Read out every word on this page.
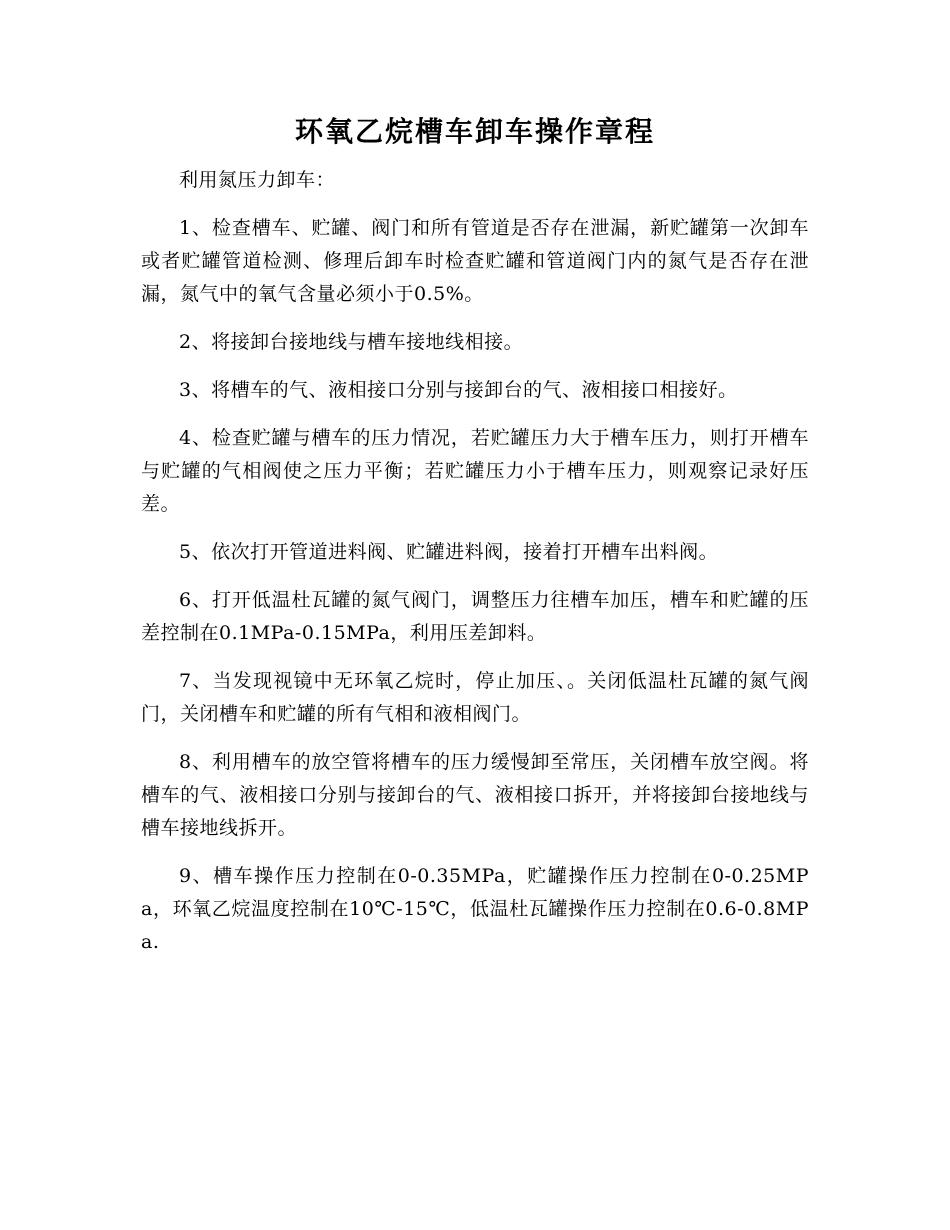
环氧乙烷槽车卸车操作章程

利用氮压力卸车：

1、检查槽车、贮罐、阀门和所有管道是否存在泄漏，新贮罐第一次卸车或者贮罐管道检测、修理后卸车时检查贮罐和管道阀门内的氮气是否存在泄漏，氮气中的氧气含量必须小于0.5%。

2、将接卸台接地线与槽车接地线相接。

3、将槽车的气、液相接口分别与接卸台的气、液相接口相接好。

4、检查贮罐与槽车的压力情况，若贮罐压力大于槽车压力，则打开槽车与贮罐的气相阀使之压力平衡；若贮罐压力小于槽车压力，则观察记录好压差。

5、依次打开管道进料阀、贮罐进料阀，接着打开槽车出料阀。

6、打开低温杜瓦罐的氮气阀门，调整压力往槽车加压，槽车和贮罐的压差控制在0.1MPa-0.15MPa，利用压差卸料。

7、当发现视镜中无环氧乙烷时，停止加压、。关闭低温杜瓦罐的氮气阀门，关闭槽车和贮罐的所有气相和液相阀门。

8、利用槽车的放空管将槽车的压力缓慢卸至常压，关闭槽车放空阀。将槽车的气、液相接口分别与接卸台的气、液相接口拆开，并将接卸台接地线与槽车接地线拆开。

9、槽车操作压力控制在0-0.35MPa，贮罐操作压力控制在0-0.25MPa，环氧乙烷温度控制在10℃-15℃，低温杜瓦罐操作压力控制在0.6-0.8MPa.
